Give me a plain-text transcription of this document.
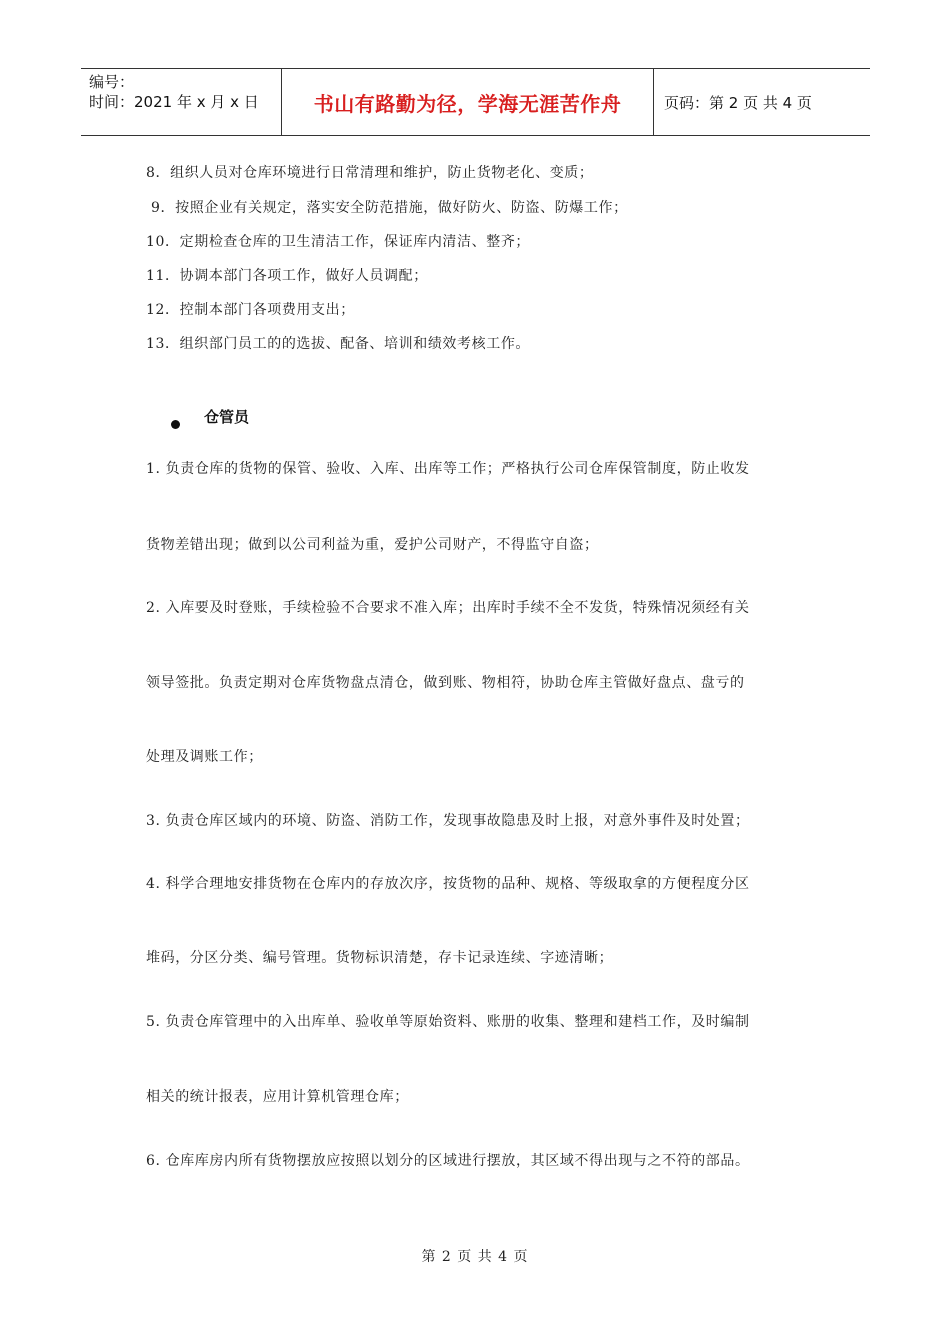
编号：
时间：2021 年 x 月 x 日	书山有路勤为径，学海无涯苦作舟	页码：第 2 页 共 4 页
8．组织人员对仓库环境进行日常清理和维护，防止货物老化、变质；
9．按照企业有关规定，落实安全防范措施，做好防火、防盗、防爆工作；
10．定期检查仓库的卫生清洁工作，保证库内清洁、整齐；
11．协调本部门各项工作，做好人员调配；
12．控制本部门各项费用支出；
13．组织部门员工的的选拔、配备、培训和绩效考核工作。
仓管员
1. 负责仓库的货物的保管、验收、入库、出库等工作；严格执行公司仓库保管制度，防止收发
货物差错出现；做到以公司利益为重，爱护公司财产，不得监守自盗；
2. 入库要及时登账，手续检验不合要求不准入库；出库时手续不全不发货，特殊情况须经有关
领导签批。负责定期对仓库货物盘点清仓，做到账、物相符，协助仓库主管做好盘点、盘亏的
处理及调账工作；
3. 负责仓库区域内的环境、防盗、消防工作，发现事故隐患及时上报，对意外事件及时处置；
4. 科学合理地安排货物在仓库内的存放次序，按货物的品种、规格、等级取拿的方便程度分区
堆码，分区分类、编号管理。货物标识清楚，存卡记录连续、字迹清晰；
5. 负责仓库管理中的入出库单、验收单等原始资料、账册的收集、整理和建档工作，及时编制
相关的统计报表，应用计算机管理仓库；
6. 仓库库房内所有货物摆放应按照以划分的区域进行摆放，其区域不得出现与之不符的部品。
第 2 页 共 4 页
